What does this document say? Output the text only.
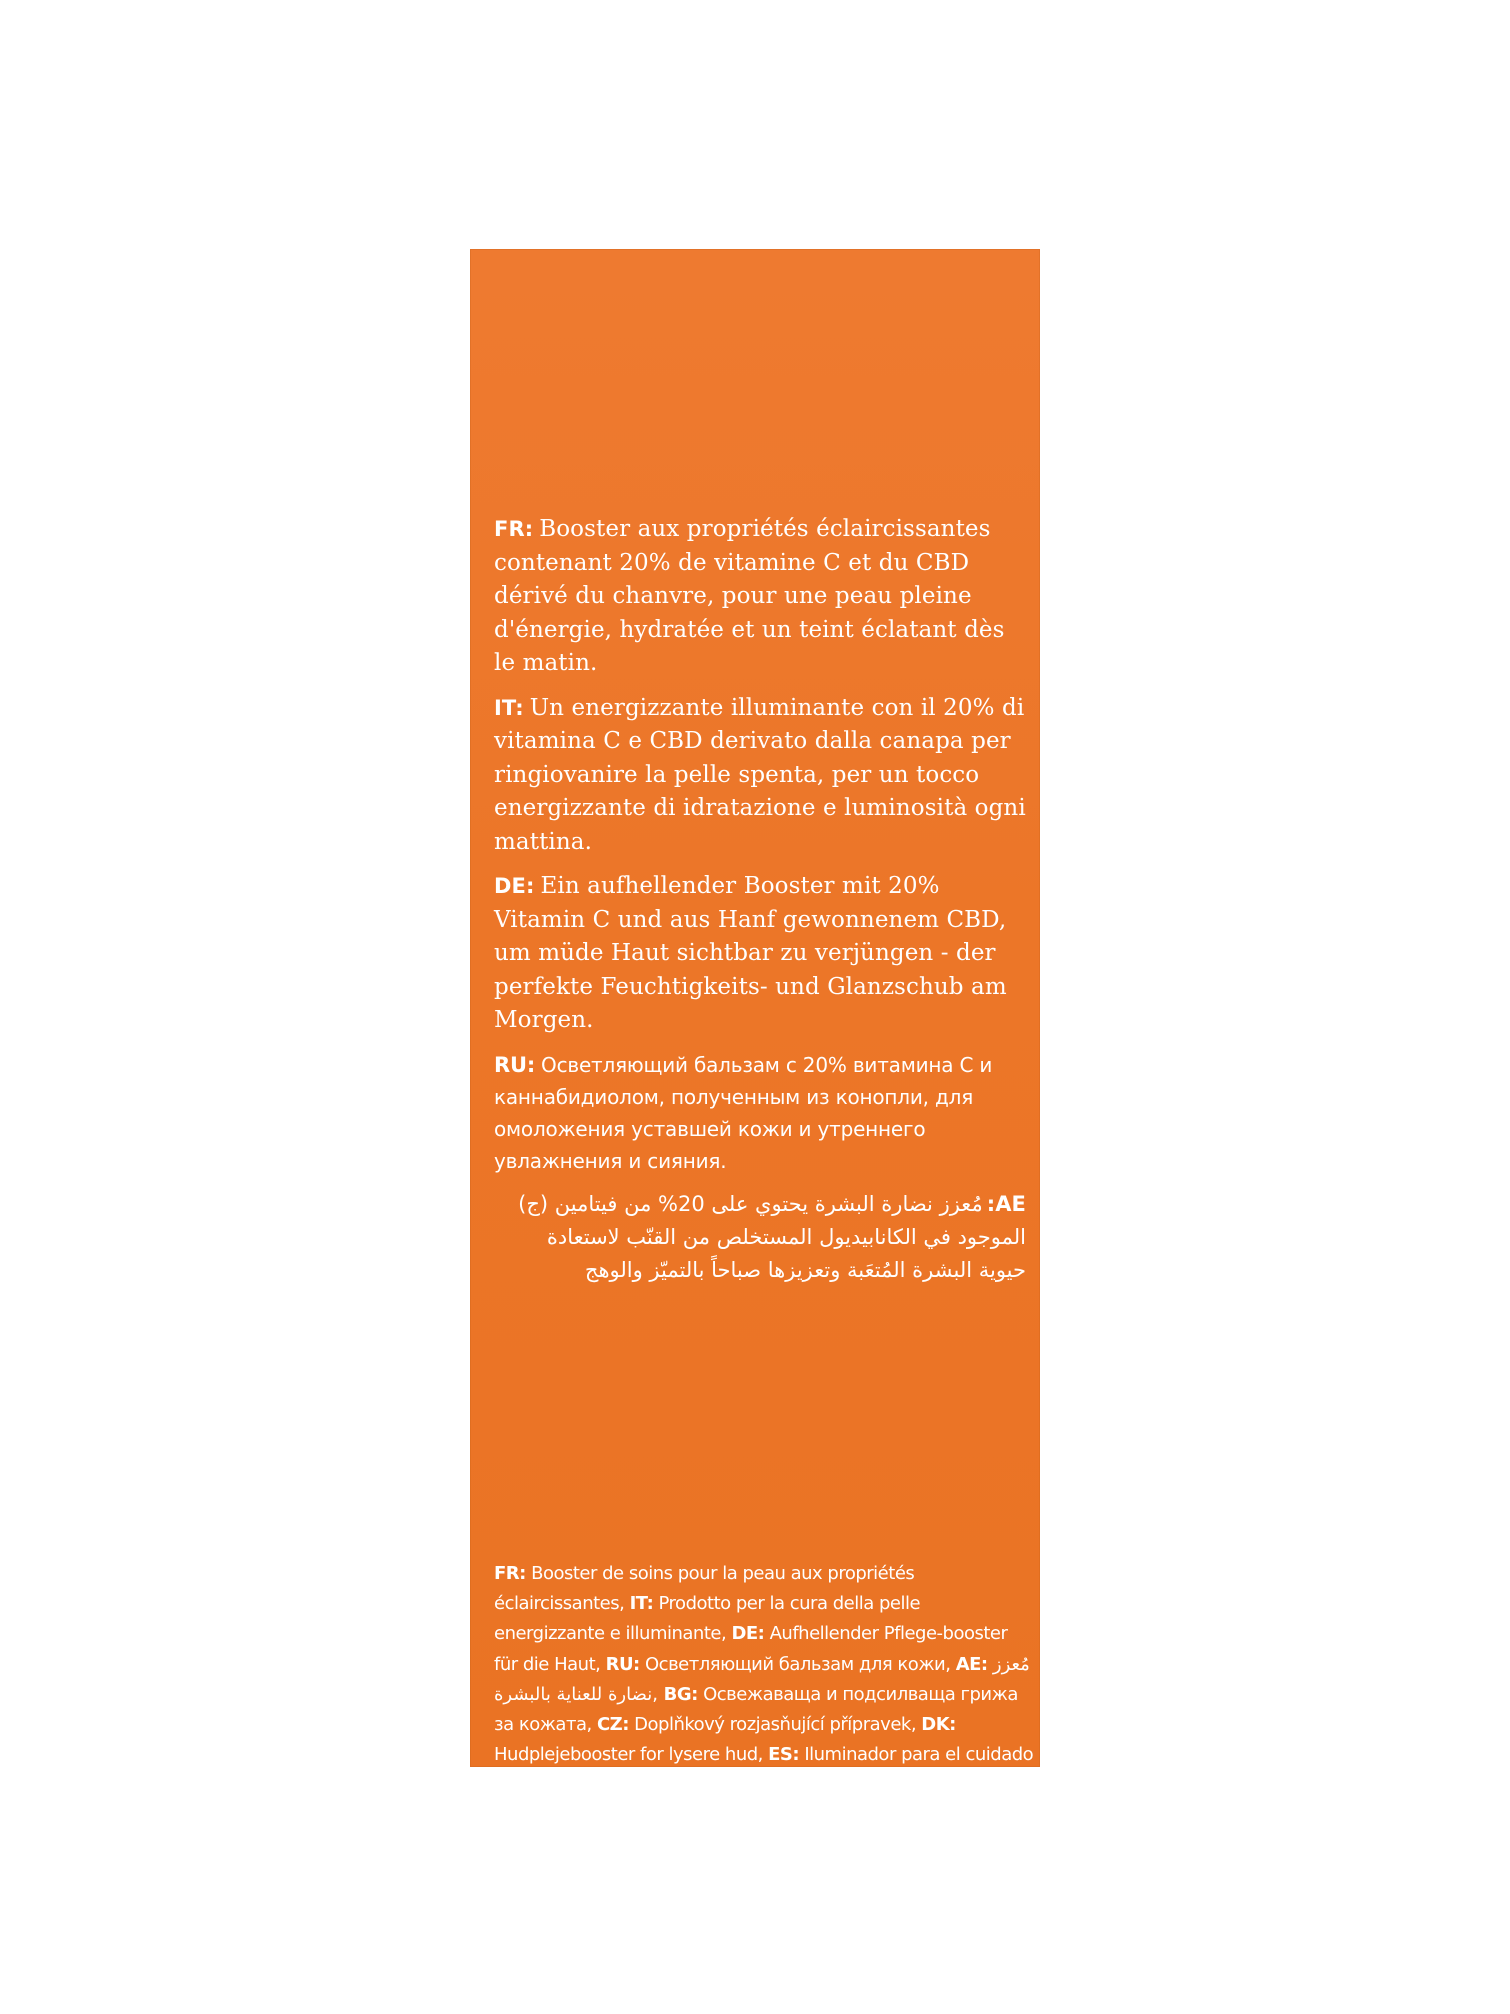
FR: Booster aux propriétés éclaircissantes contenant 20% de vitamine C et du CBD dérivé du chanvre, pour une peau pleine d'énergie, hydratée et un teint éclatant dès le matin.

IT: Un energizzante illuminante con il 20% di vitamina C e CBD derivato dalla canapa per ringiovanire la pelle spenta, per un tocco energizzante di idratazione e luminosità ogni mattina.

DE: Ein aufhellender Booster mit 20% Vitamin C und aus Hanf gewonnenem CBD, um müde Haut sichtbar zu verjüngen - der perfekte Feuchtigkeits- und Glanzschub am Morgen.

RU: Осветляющий бальзам с 20% витамина С и каннабидиолом, полученным из конопли, для омоложения уставшей кожи и утреннего увлажнения и сияния.

AE:مُعزز نضارة البشرة يحتوي على 20% من فيتامين (ج) الموجود في الكانابيديول المستخلص من القنّب لاستعادة حيوية البشرة المُتعَبة وتعزيزها صباحاً بالتميّز والوهج

FR: Booster de soins pour la peau aux propriétés éclaircissantes, IT: Prodotto per la cura della pelle energizzante e illuminante, DE: Aufhellender Pflege-booster für die Haut, RU: Осветляющий бальзам для кожи, AE: مُعزز نضارة للعناية بالبشرة, BG: Освежаваща и подсилваща грижа за кожата, CZ: Doplňkový rozjasňující přípravek, DK: Hudplejebooster for lysere hud, ES: Iluminador para el cuidado de la piel, GR: Προϊόν ενισχυμένης λάμψης της επιδερμίδας, PL: Rozjaśniający preparat wspomagający pielęgnację skóry, PT: Skincare booster iluminador, RO: Ser booster pentru îngrijirea pielii și luminozitate, RS: Buster za osvetljenje i negu kože, SE: Uppklarnande booster för huden, TR: Parlatıcı cilt bakım güçlendirici, UA: Підсилювач для сяючої шкіри.
